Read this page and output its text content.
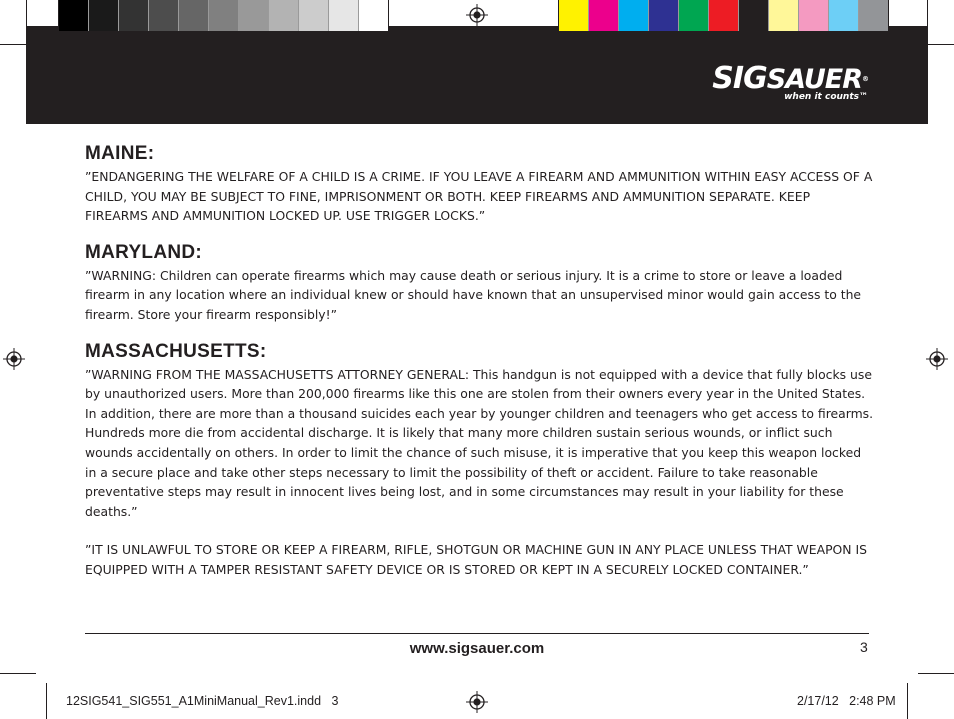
SIGSAUER®
when it counts™
MAINE:

”ENDANGERING THE WELFARE OF A CHILD IS A CRIME. IF YOU LEAVE A FIREARM AND AMMUNITION WITHIN EASY ACCESS OF A CHILD, YOU MAY BE SUBJECT TO FINE, IMPRISONMENT OR BOTH. KEEP FIREARMS AND AMMUNITION SEPARATE. KEEP FIREARMS AND AMMUNITION LOCKED UP. USE TRIGGER LOCKS.”

MARYLAND:

”WARNING: Children can operate firearms which may cause death or serious injury. It is a crime to store or leave a loaded firearm in any location where an individual knew or should have known that an unsupervised minor would gain access to the firearm. Store your firearm responsibly!”

MASSACHUSETTS:

”WARNING FROM THE MASSACHUSETTS ATTORNEY GENERAL: This handgun is not equipped with a device that fully blocks use by unauthorized users. More than 200,000 firearms like this one are stolen from their owners every year in the United States. In addition, there are more than a thousand suicides each year by younger children and teenagers who get access to firearms. Hundreds more die from accidental discharge. It is likely that many more children sustain serious wounds, or inflict such wounds accidentally on others. In order to limit the chance of such misuse, it is imperative that you keep this weapon locked in a secure place and take other steps necessary to limit the possibility of theft or accident. Failure to take reasonable preventative steps may result in innocent lives being lost, and in some circumstances may result in your liability for these deaths.”

”IT IS UNLAWFUL TO STORE OR KEEP A FIREARM, RIFLE, SHOTGUN OR MACHINE GUN IN ANY PLACE UNLESS THAT WEAPON IS EQUIPPED WITH A TAMPER RESISTANT SAFETY DEVICE OR IS STORED OR KEPT IN A SECURELY LOCKED CONTAINER.”

www.sigsauer.com	3
12SIG541_SIG551_A1MiniManual_Rev1.indd   3	2/17/12   2:48 PM
